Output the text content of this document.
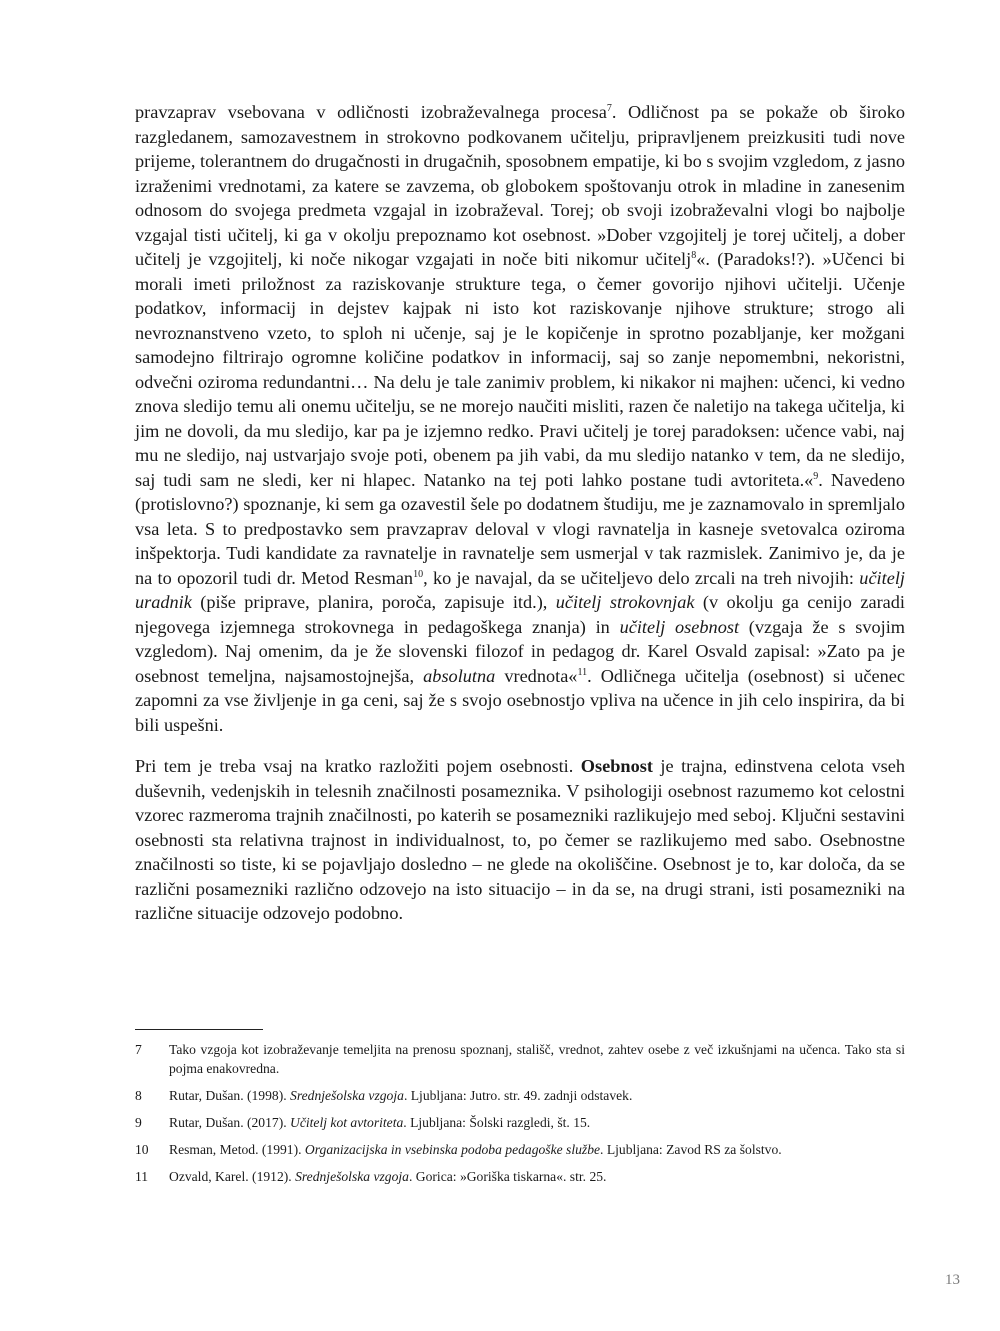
pravzaprav vsebovana v odličnosti izobraževalnega procesa$^7$. Odličnost pa se pokaže ob široko razgledanem, samozavestnem in strokovno podkovanem učitelju, pripravljenem preizkusiti tudi nove prijeme, tolerantnem do drugačnosti in drugačnih, sposobnem empatije, ki bo s svojim vzgledom, z jasno izraženimi vrednotami, za katere se zavzema, ob globokem spoštovanju otrok in mladine in zanesenim odnosom do svojega predmeta vzgajal in izobraževal. Torej; ob svoji izobraževalni vlogi bo najbolje vzgajal tisti učitelj, ki ga v okolju prepoznamo kot osebnost. »Dober vzgojitelj je torej učitelj, a dober učitelj je vzgojitelj, ki noče nikogar vzgajati in noče biti nikomur učitelj$^8$«. (Paradoks!?). »Učenci bi morali imeti priložnost za raziskovanje strukture tega, o čemer govorijo njihovi učitelji. Učenje podatkov, informacij in dejstev kajpak ni isto kot raziskovanje njihove strukture; strogo ali nevroznanstveno vzeto, to sploh ni učenje, saj je le kopičenje in sprotno pozabljanje, ker možgani samodejno filtrirajo ogromne količine podatkov in informacij, saj so zanje nepomembni, nekoristni, odvečni oziroma redundantni… Na delu je tale zanimiv problem, ki nikakor ni majhen: učenci, ki vedno znova sledijo temu ali onemu učitelju, se ne morejo naučiti misliti, razen če naletijo na takega učitelja, ki jim ne dovoli, da mu sledijo, kar pa je izjemno redko. Pravi učitelj je torej paradoksen: učence vabi, naj mu ne sledijo, naj ustvarjajo svoje poti, obenem pa jih vabi, da mu sledijo natanko v tem, da ne sledijo, saj tudi sam ne sledi, ker ni hlapec. Natanko na tej poti lahko postane tudi avtoriteta.«$^9$. Navedeno (protislovno?) spoznanje, ki sem ga ozavestil šele po dodatnem študiju, me je zaznamovalo in spremljalo vsa leta. S to predpostavko sem pravzaprav deloval v vlogi ravnatelja in kasneje svetovalca oziroma inšpektorja. Tudi kandidate za ravnatelje in ravnatelje sem usmerjal v tak razmislek. Zanimivo je, da je na to opozoril tudi dr. Metod Resman$^{10}$, ko je navajal, da se učiteljevo delo zrcali na treh nivojih: učitelj uradnik (piše priprave, planira, poroča, zapisuje itd.), učitelj strokovnjak (v okolju ga cenijo zaradi njegovega izjemnega strokovnega in pedagoškega znanja) in učitelj osebnost (vzgaja že s svojim vzgledom). Naj omenim, da je že slovenski filozof in pedagog dr. Karel Osvald zapisal: »Zato pa je osebnost temeljna, najsamostojnejša, absolutna vrednota«$^{11}$. Odličnega učitelja (osebnost) si učenec zapomni za vse življenje in ga ceni, saj že s svojo osebnostjo vpliva na učence in jih celo inspirira, da bi bili uspešni.

Pri tem je treba vsaj na kratko razložiti pojem osebnosti. Osebnost je trajna, edinstvena celota vseh duševnih, vedenjskih in telesnih značilnosti posameznika. V psihologiji osebnost razumemo kot celostni vzorec razmeroma trajnih značilnosti, po katerih se posamezniki razlikujejo med seboj. Ključni sestavini osebnosti sta relativna trajnost in individualnost, to, po čemer se razlikujemo med sabo. Osebnostne značilnosti so tiste, ki se pojavljajo dosledno – ne glede na okoliščine. Osebnost je to, kar določa, da se različni posamezniki različno odzovejo na isto situacijo – in da se, na drugi strani, isti posamezniki na različne situacije odzovejo podobno.

7 Tako vzgoja kot izobraževanje temeljita na prenosu spoznanj, stališč, vrednot, zahtev osebe z več izkušnjami na učenca. Tako sta si pojma enakovredna.
8 Rutar, Dušan. (1998). Srednješolska vzgoja. Ljubljana: Jutro. str. 49. zadnji odstavek.
9 Rutar, Dušan. (2017). Učitelj kot avtoriteta. Ljubljana: Šolski razgledi, št. 15.
10 Resman, Metod. (1991). Organizacijska in vsebinska podoba pedagoške službe. Ljubljana: Zavod RS za šolstvo.
11 Ozvald, Karel. (1912). Srednješolska vzgoja. Gorica: »Goriška tiskarna«. str. 25.
13
